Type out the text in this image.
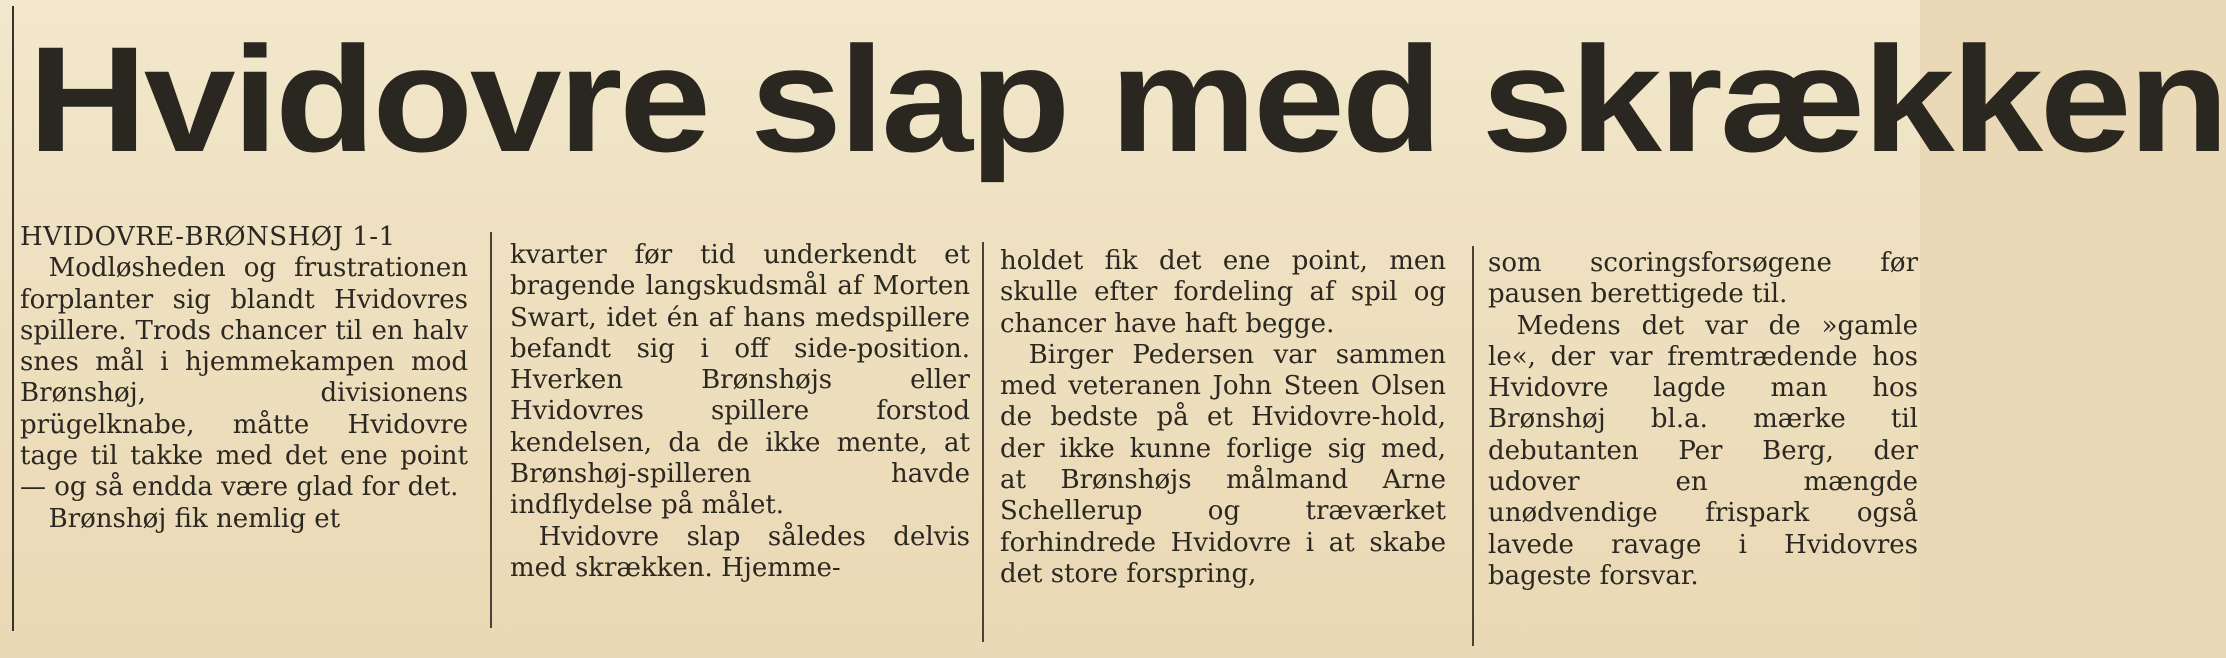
Hvidovre slap med skrækken

HVIDOVRE-BRØNSHØJ 1-1

Modløsheden og frustrationen forplanter sig blandt Hvidovres spillere. Trods chancer til en halv snes mål i hjemmekampen mod Brønshøj, divisionens prügelknabe, måtte Hvidovre tage til takke med det ene point — og så endda være glad for det.

Brønshøj fik nemlig et

kvarter før tid underkendt et bragende langskudsmål af Morten Swart, idet én af hans medspillere befandt sig i off side-position. Hverken Brønshøjs eller Hvidovres spillere forstod kendelsen, da de ikke mente, at Brønshøj-spilleren havde indflydelse på målet.

Hvidovre slap således delvis med skrækken. Hjemme-

holdet fik det ene point, men skulle efter fordeling af spil og chancer have haft begge.

Birger Pedersen var sammen med veteranen John Steen Olsen de bedste på et Hvidovre-hold, der ikke kunne forlige sig med, at Brønshøjs målmand Arne Schellerup og træværket forhindrede Hvidovre i at skabe det store forspring,

som scoringsforsøgene før pausen berettigede til.

Medens det var de »gamle le«, der var fremtrædende hos Hvidovre lagde man hos Brønshøj bl.a. mærke til debutanten Per Berg, der udover en mængde unødvendige frispark også lavede ravage i Hvidovres bageste forsvar.
